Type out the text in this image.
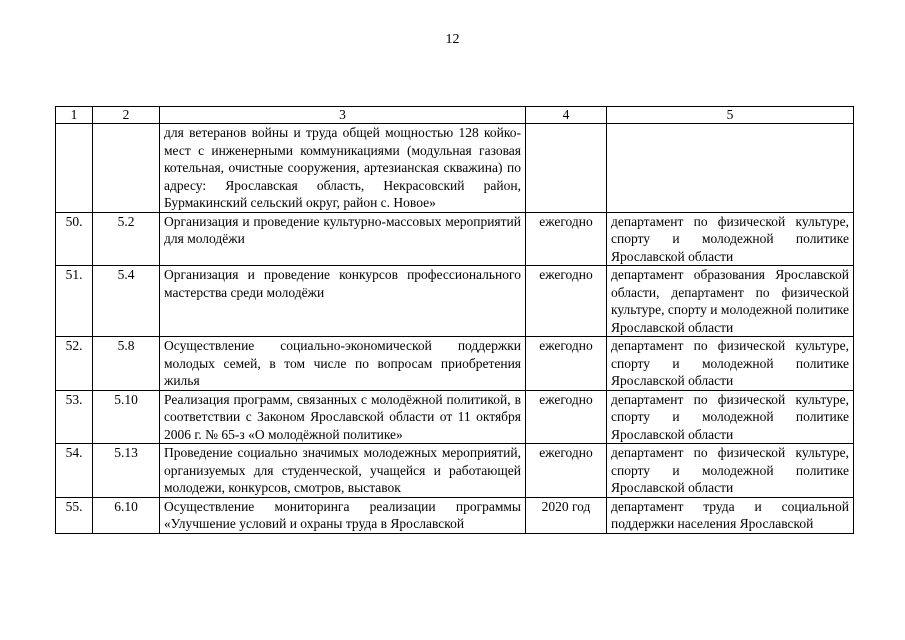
12
1	2	3	4	5
		для ветеранов войны и труда общей мощностью 128 койко-мест с инженерными коммуникациями (модульная газовая котельная, очистные сооружения, артезианская скважина) по адресу: Ярославская область, Некрасовский район, Бурмакинский сельский округ, район с. Новое»		
50.	5.2	Организация и проведение культурно-массовых мероприятий для молодёжи	ежегодно	департамент по физической культуре, спорту и молодежной политике Ярославской области
51.	5.4	Организация и проведение конкурсов профессионального мастерства среди молодёжи	ежегодно	департамент образования Ярославской области, департамент по физической культуре, спорту и молодежной политике Ярославской области
52.	5.8	Осуществление социально-экономической поддержки молодых семей, в том числе по вопросам приобретения жилья	ежегодно	департамент по физической культуре, спорту и молодежной политике Ярославской области
53.	5.10	Реализация программ, связанных с молодёжной политикой, в соответствии с Законом Ярославской области от 11 октября 2006 г. № 65-з «О молодёжной политике»	ежегодно	департамент по физической культуре, спорту и молодежной политике Ярославской области
54.	5.13	Проведение социально значимых молодежных мероприятий, организуемых для студенческой, учащейся и работающей молодежи, конкурсов, смотров, выставок	ежегодно	департамент по физической культуре, спорту и молодежной политике Ярославской области
55.	6.10	Осуществление мониторинга реализации программы «Улучшение условий и охраны труда в Ярославской	2020 год	департамент труда и социальной поддержки населения Ярославской
